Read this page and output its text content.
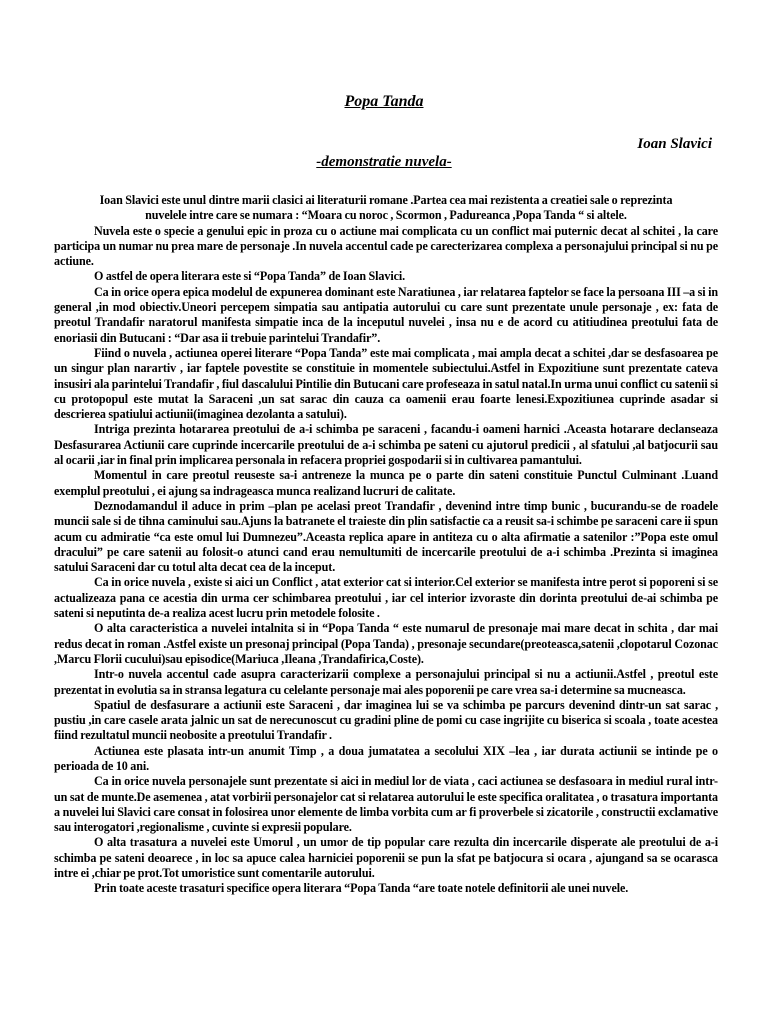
Popa Tanda
Ioan Slavici
-demonstratie nuvela-

Ioan Slavici este unul dintre marii clasici ai literaturii romane .Partea cea mai rezistenta a creatiei sale o reprezinta nuvelele intre care se numara : “Moara cu noroc , Scormon , Padureanca ,Popa Tanda “ si altele.

Nuvela este o specie a genului epic in proza cu o actiune mai complicata cu un conflict mai puternic decat al schitei , la care participa un numar nu prea mare de personaje .In nuvela accentul cade pe carecterizarea complexa a personajului principal si nu pe actiune.

O astfel de opera literara este si “Popa Tanda” de Ioan Slavici.

Ca in orice opera epica modelul de expunerea dominant este Naratiunea , iar relatarea faptelor se face la persoana III –a si in general ,in mod obiectiv.Uneori percepem simpatia sau antipatia autorului cu care sunt prezentate unule personaje , ex: fata de preotul Trandafir naratorul manifesta simpatie inca de la inceputul nuvelei , insa nu e de acord cu atitiudinea preotului fata de enoriasii din Butucani : “Dar asa ii trebuie parintelui Trandafir”.

Fiind o nuvela , actiunea operei literare “Popa Tanda” este mai complicata , mai ampla decat a schitei ,dar se desfasoarea pe un singur plan narartiv , iar faptele povestite se constituie in momentele subiectului.Astfel in Expozitiune sunt prezentate cateva insusiri ala parintelui Trandafir , fiul dascalului Pintilie din Butucani care profeseaza in satul natal.In urma unui conflict cu satenii si cu protopopul este mutat la Saraceni ,un sat sarac din cauza ca oamenii erau foarte lenesi.Expozitiunea cuprinde asadar si descrierea spatiului actiunii(imaginea dezolanta a satului).

Intriga prezinta hotararea preotului de a-i schimba pe saraceni , facandu-i oameni harnici .Aceasta hotarare declanseaza Desfasurarea Actiunii care cuprinde incercarile preotului de a-i schimba pe sateni cu ajutorul predicii , al sfatului ,al batjocurii sau al ocarii ,iar in final prin implicarea personala in refacera propriei gospodarii si in cultivarea pamantului.

Momentul in care preotul reuseste sa-i antreneze la munca pe o parte din sateni constituie Punctul Culminant .Luand exemplul preotului , ei ajung sa indrageasca munca realizand lucruri de calitate.

Deznodamandul il aduce in prim –plan pe acelasi preot Trandafir , devenind intre timp bunic , bucurandu-se de roadele muncii sale si de tihna caminului sau.Ajuns la batranete el traieste din plin satisfactie ca a reusit sa-i schimbe pe saraceni care ii spun acum cu admiratie “ca este omul lui Dumnezeu”.Aceasta replica apare in antiteza cu o alta afirmatie a satenilor :”Popa este omul dracului” pe care satenii au folosit-o atunci cand erau nemultumiti de incercarile preotului de a-i schimba .Prezinta si imaginea satului Saraceni dar cu totul alta decat cea de la inceput.

Ca in orice nuvela , existe si aici un Conflict , atat exterior cat si interior.Cel exterior se manifesta intre perot si poporeni si se actualizeaza pana ce acestia din urma cer schimbarea preotului , iar cel interior izvoraste din dorinta preotului de-ai schimba pe sateni si neputinta de-a realiza acest lucru prin metodele folosite .

O alta caracteristica a nuvelei intalnita si in “Popa Tanda “ este numarul de presonaje mai mare decat in schita , dar mai redus decat in roman .Astfel existe un presonaj principal (Popa Tanda) , presonaje secundare(preoteasca,satenii ,clopotarul Cozonac ,Marcu Florii cucului)sau episodice(Mariuca ,Ileana ,Trandafirica,Coste).

Intr-o nuvela accentul cade asupra caracterizarii complexe a personajului principal si nu a actiunii.Astfel , preotul este prezentat in evolutia sa in stransa legatura cu celelante personaje mai ales poporenii pe care vrea sa-i determine sa mucneasca.

Spatiul de desfasurare a actiunii este Saraceni , dar imaginea lui se va schimba pe parcurs devenind dintr-un sat sarac , pustiu ,in care casele arata jalnic un sat de nerecunoscut cu gradini pline de pomi cu case ingrijite cu biserica si scoala , toate acestea fiind rezultatul muncii neobosite a preotului Trandafir .

Actiunea este plasata intr-un anumit Timp , a doua jumatatea a secolului XIX –lea , iar durata actiunii se intinde pe o perioada de 10 ani.

Ca in orice nuvela personajele sunt prezentate si aici in mediul lor de viata , caci actiunea se desfasoara in mediul rural intr-un sat de munte.De asemenea , atat vorbirii personajelor cat si relatarea autorului le este specifica oralitatea , o trasatura importanta a nuvelei lui Slavici care consat in folosirea unor elemente de limba vorbita cum ar fi proverbele si zicatorile , constructii exclamative sau interogatori ,regionalisme , cuvinte si expresii populare.

O alta trasatura a nuvelei este Umorul , un umor de tip popular care rezulta din incercarile disperate ale preotului de a-i schimba pe sateni deoarece , in loc sa apuce calea harniciei poporenii se pun la sfat pe batjocura si ocara , ajungand sa se ocarasca intre ei ,chiar pe prot.Tot umoristice sunt comentarile autorului.

Prin toate aceste trasaturi specifice opera literara “Popa Tanda “are toate notele definitorii ale unei nuvele.
